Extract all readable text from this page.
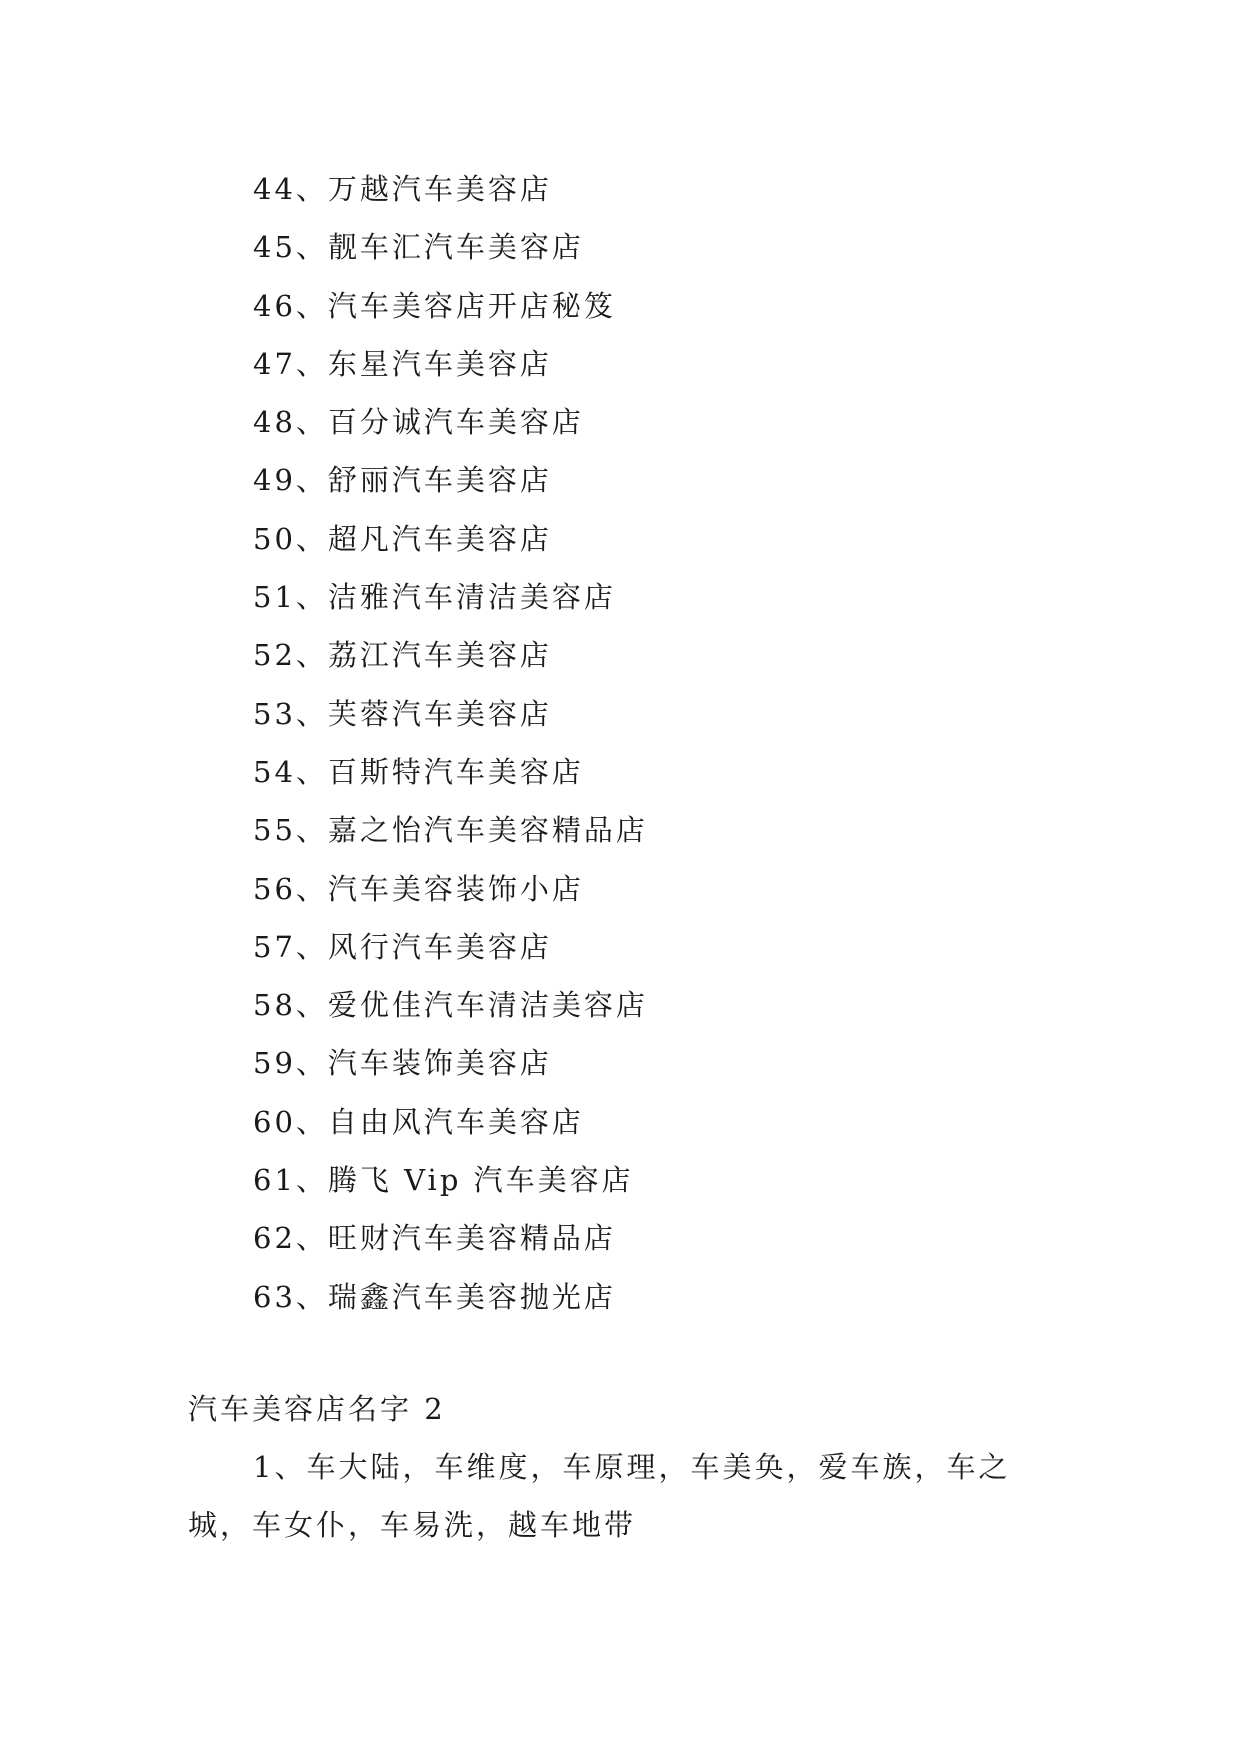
44、万越汽车美容店
45、靓车汇汽车美容店
46、汽车美容店开店秘笈
47、东星汽车美容店
48、百分诚汽车美容店
49、舒丽汽车美容店
50、超凡汽车美容店
51、洁雅汽车清洁美容店
52、荔江汽车美容店
53、芙蓉汽车美容店
54、百斯特汽车美容店
55、嘉之怡汽车美容精品店
56、汽车美容装饰小店
57、风行汽车美容店
58、爱优佳汽车清洁美容店
59、汽车装饰美容店
60、自由风汽车美容店
61、腾飞 Vip 汽车美容店
62、旺财汽车美容精品店
63、瑞鑫汽车美容抛光店
汽车美容店名字 2

1、车大陆，车维度，车原理，车美奂，爱车族，车之
城，车女仆，车易洗，越车地带
